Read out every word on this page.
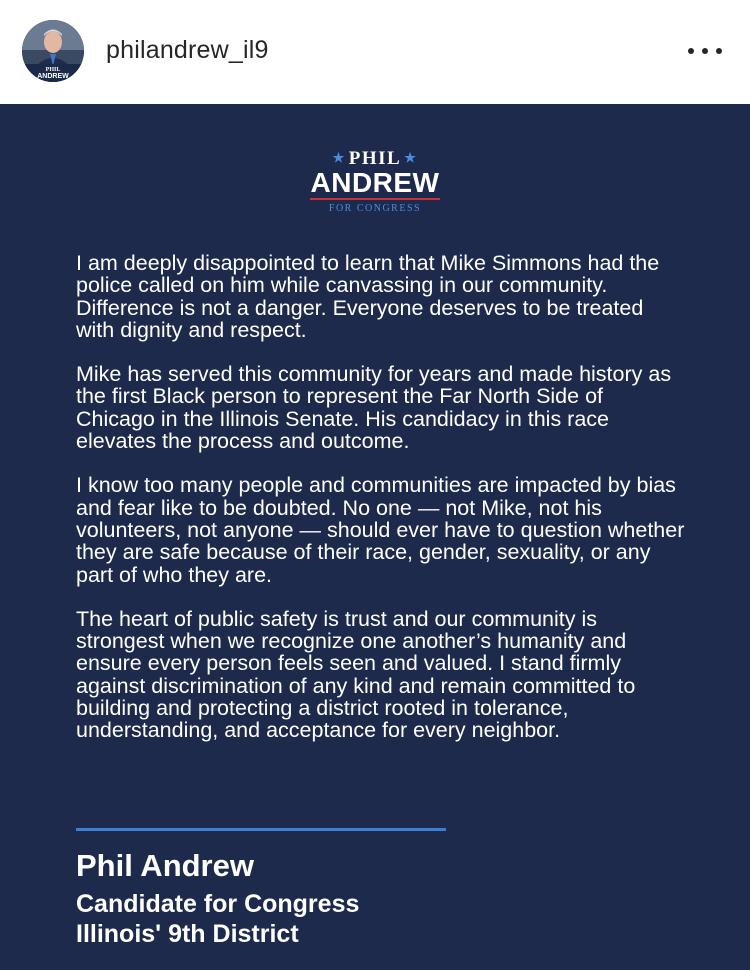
PHIL
ANDREW
philandrew_il9
★ PHIL ★
ANDREW
FOR CONGRESS

I am deeply disappointed to learn that Mike Simmons had the police called on him while canvassing in our community. Difference is not a danger. Everyone deserves to be treated with dignity and respect.

Mike has served this community for years and made history as the first Black person to represent the Far North Side of Chicago in the Illinois Senate. His candidacy in this race elevates the process and outcome.

I know too many people and communities are impacted by bias and fear like to be doubted. No one — not Mike, not his volunteers, not anyone — should ever have to question whether they are safe because of their race, gender, sexuality, or any part of who they are.

The heart of public safety is trust and our community is strongest when we recognize one another’s humanity and ensure every person feels seen and valued. I stand firmly against discrimination of any kind and remain committed to building and protecting a district rooted in tolerance, understanding, and acceptance for every neighbor.

Phil Andrew
Candidate for Congress
Illinois' 9th District
